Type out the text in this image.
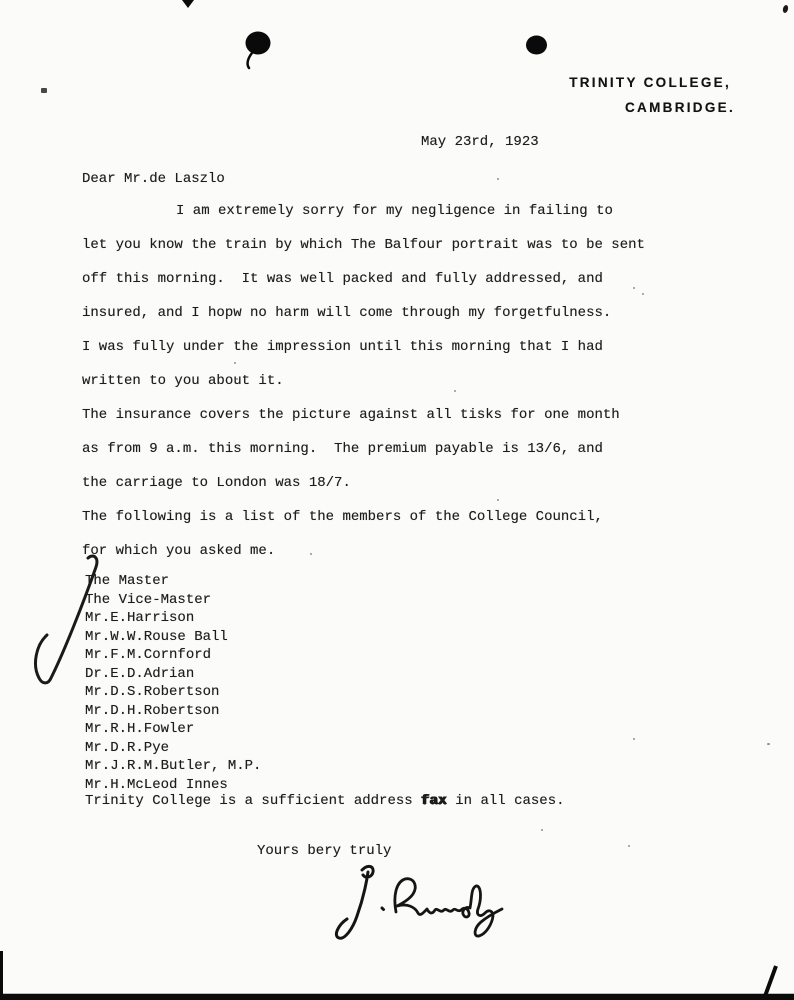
TRINITY COLLEGE,
CAMBRIDGE.
May 23rd, 1923
Dear Mr.de Laszlo
I am extremely sorry for my negligence in failing to
let you know the train by which The Balfour portrait was to be sent
off this morning.  It was well packed and fully addressed, and
insured, and I hopw no harm will come through my forgetfulness.
I was fully under the impression until this morning that I had
written to you about it.
The insurance covers the picture against all tisks for one month
as from 9 a.m. this morning.  The premium payable is 13/6, and
the carriage to London was 18/7.
The following is a list of the members of the College Council,
for which you asked me.
The Master
The Vice-Master
Mr.E.Harrison
Mr.W.W.Rouse Ball
Mr.F.M.Cornford
Dr.E.D.Adrian
Mr.D.S.Robertson
Mr.D.H.Robertson
Mr.R.H.Fowler
Mr.D.R.Pye
Mr.J.R.M.Butler, M.P.
Mr.H.McLeod Innes
Trinity College is a sufficient address fax in all cases.
Yours bery truly
